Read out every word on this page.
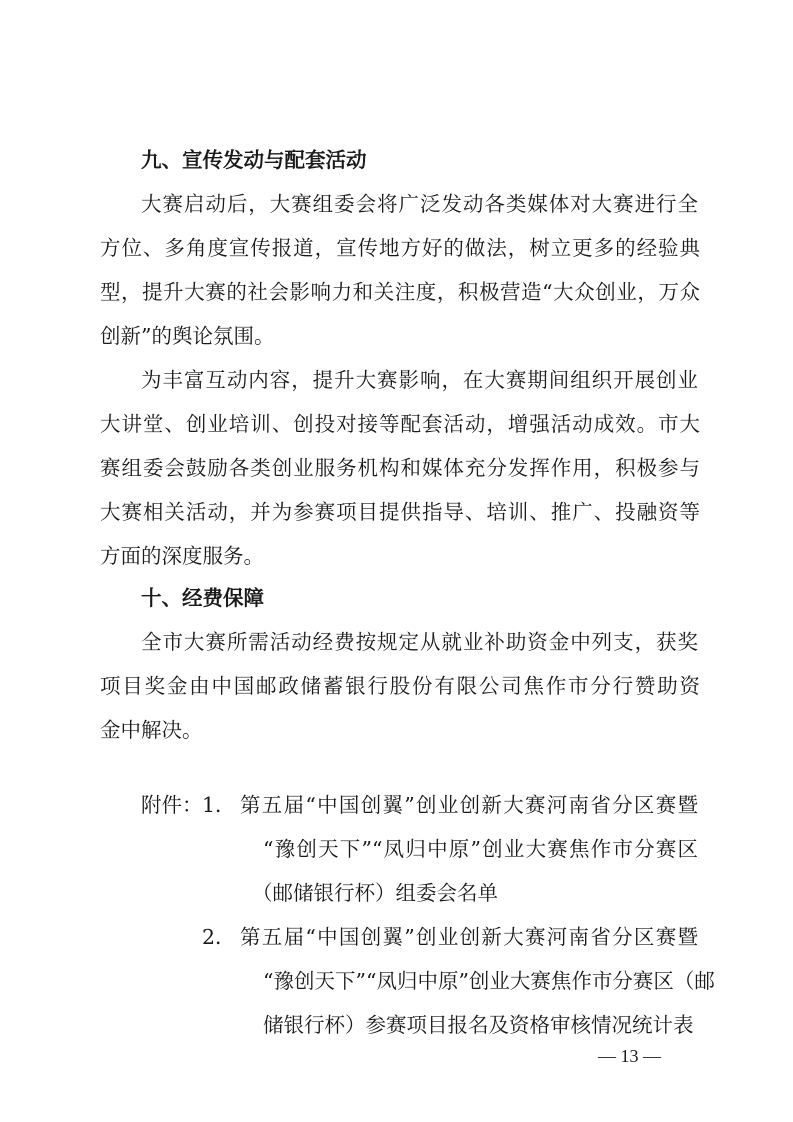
九、宣传发动与配套活动
大赛启动后，大赛组委会将广泛发动各类媒体对大赛进行全
方位、多角度宣传报道，宣传地方好的做法，树立更多的经验典
型，提升大赛的社会影响力和关注度，积极营造“大众创业，万众
创新”的舆论氛围。
为丰富互动内容，提升大赛影响，在大赛期间组织开展创业
大讲堂、创业培训、创投对接等配套活动，增强活动成效。市大
赛组委会鼓励各类创业服务机构和媒体充分发挥作用，积极参与
大赛相关活动，并为参赛项目提供指导、培训、推广、投融资等
方面的深度服务。
十、经费保障
全市大赛所需活动经费按规定从就业补助资金中列支，获奖
项目奖金由中国邮政储蓄银行股份有限公司焦作市分行赞助资
金中解决。
附件： 1． 第五届“中国创翼”创业创新大赛河南省分区赛暨
“豫创天下”“凤归中原”创业大赛焦作市分赛区
（邮储银行杯）组委会名单
2． 第五届“中国创翼”创业创新大赛河南省分区赛暨
“豫创天下”“凤归中原”创业大赛焦作市分赛区（邮
储银行杯）参赛项目报名及资格审核情况统计表
— 13 —
